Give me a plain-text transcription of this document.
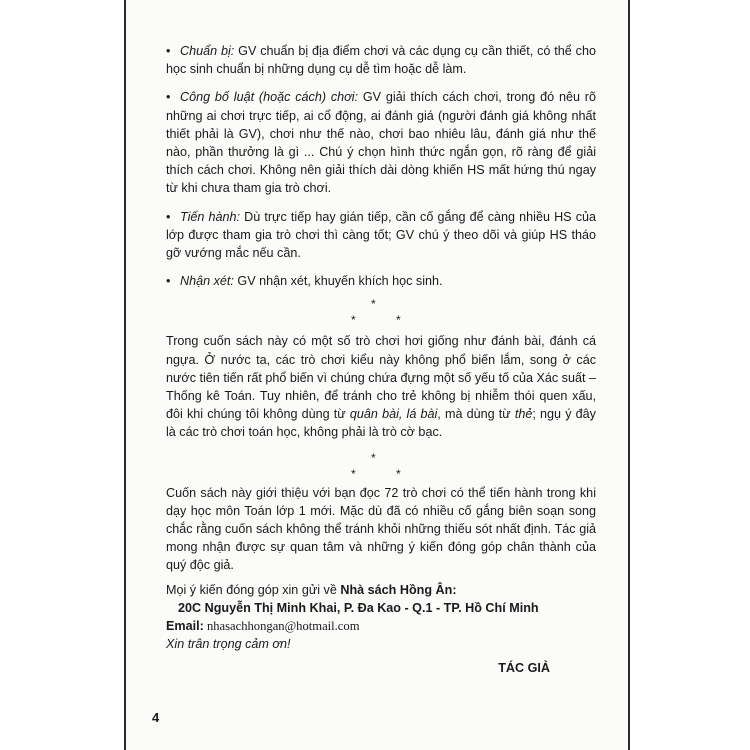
• Chuẩn bị: GV chuẩn bị địa điểm chơi và các dụng cụ cần thiết, có thể cho học sinh chuẩn bị những dụng cụ dễ tìm hoặc dễ làm.

• Công bố luật (hoặc cách) chơi: GV giải thích cách chơi, trong đó nêu rõ những ai chơi trực tiếp, ai cổ động, ai đánh giá (người đánh giá không nhất thiết phải là GV), chơi như thế nào, chơi bao nhiêu lâu, đánh giá như thế nào, phần thưởng là gì ... Chú ý chọn hình thức ngắn gọn, rõ ràng để giải thích cách chơi. Không nên giải thích dài dòng khiến HS mất hứng thú ngay từ khi chưa tham gia trò chơi.

• Tiến hành: Dù trực tiếp hay gián tiếp, cần cố gắng để càng nhiều HS của lớp được tham gia trò chơi thì càng tốt; GV chú ý theo dõi và giúp HS tháo gỡ vướng mắc nếu cần.

• Nhận xét: GV nhận xét, khuyến khích học sinh.

*
*	*

Trong cuốn sách này có một số trò chơi hơi giống như đánh bài, đánh cá ngựa. Ở nước ta, các trò chơi kiểu này không phổ biến lắm, song ở các nước tiên tiến rất phổ biến vì chúng chứa đựng một số yếu tố của Xác suất – Thống kê Toán. Tuy nhiên, để tránh cho trẻ không bị nhiễm thói quen xấu, đôi khi chúng tôi không dùng từ quân bài, lá bài, mà dùng từ thẻ; ngụ ý đây là các trò chơi toán học, không phải là trò cờ bạc.

*
*	*

Cuốn sách này giới thiệu với bạn đọc 72 trò chơi có thể tiến hành trong khi dạy học môn Toán lớp 1 mới. Mặc dù đã có nhiều cố gắng biên soạn song chắc rằng cuốn sách không thể tránh khỏi những thiếu sót nhất định. Tác giả mong nhận được sự quan tâm và những ý kiến đóng góp chân thành của quý độc giả.

Mọi ý kiến đóng góp xin gửi về Nhà sách Hồng Ân:

20C Nguyễn Thị Minh Khai, P. Đa Kao - Q.1 - TP. Hồ Chí Minh

Email: nhasachhongan@hotmail.com

Xin trân trọng cảm ơn!

TÁC GIẢ

4
